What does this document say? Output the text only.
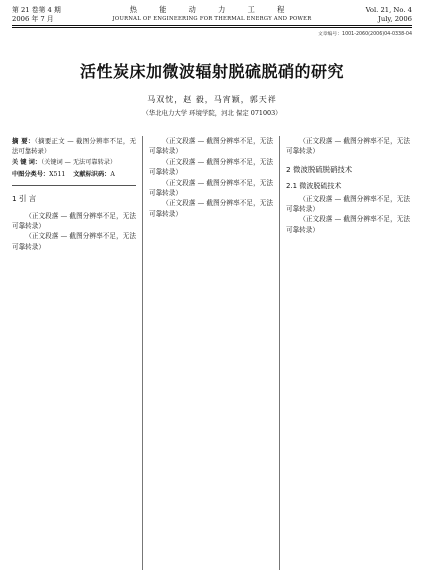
第 21 卷第 4 期
2006 年 7 月
热 能 动 力 工 程
JOURNAL OF ENGINEERING FOR THERMAL ENERGY AND POWER
Vol. 21, No. 4
July, 2006
文章编号：1001-2060(2006)04-0338-04
活性炭床加微波辐射脱硫脱硝的研究
马双忱，赵 毅，马宵颖，郭天祥
（华北电力大学 环境学院，河北 保定 071003）
摘 要：（摘要正文 — 截图分辨率不足，无法可靠转录）
关 键 词：（关键词 — 无法可靠转录）
中图分类号：X511 文献标识码：A
1 引 言

（正文段落 — 截图分辨率不足，无法可靠转录）

（正文段落 — 截图分辨率不足，无法可靠转录）

（正文段落 — 截图分辨率不足，无法可靠转录）

（正文段落 — 截图分辨率不足，无法可靠转录）

（正文段落 — 截图分辨率不足，无法可靠转录）

（正文段落 — 截图分辨率不足，无法可靠转录）

（正文段落 — 截图分辨率不足，无法可靠转录）

2 微波脱硫脱硝技术
2.1 微波脱硫技术

（正文段落 — 截图分辨率不足，无法可靠转录）

（正文段落 — 截图分辨率不足，无法可靠转录）
